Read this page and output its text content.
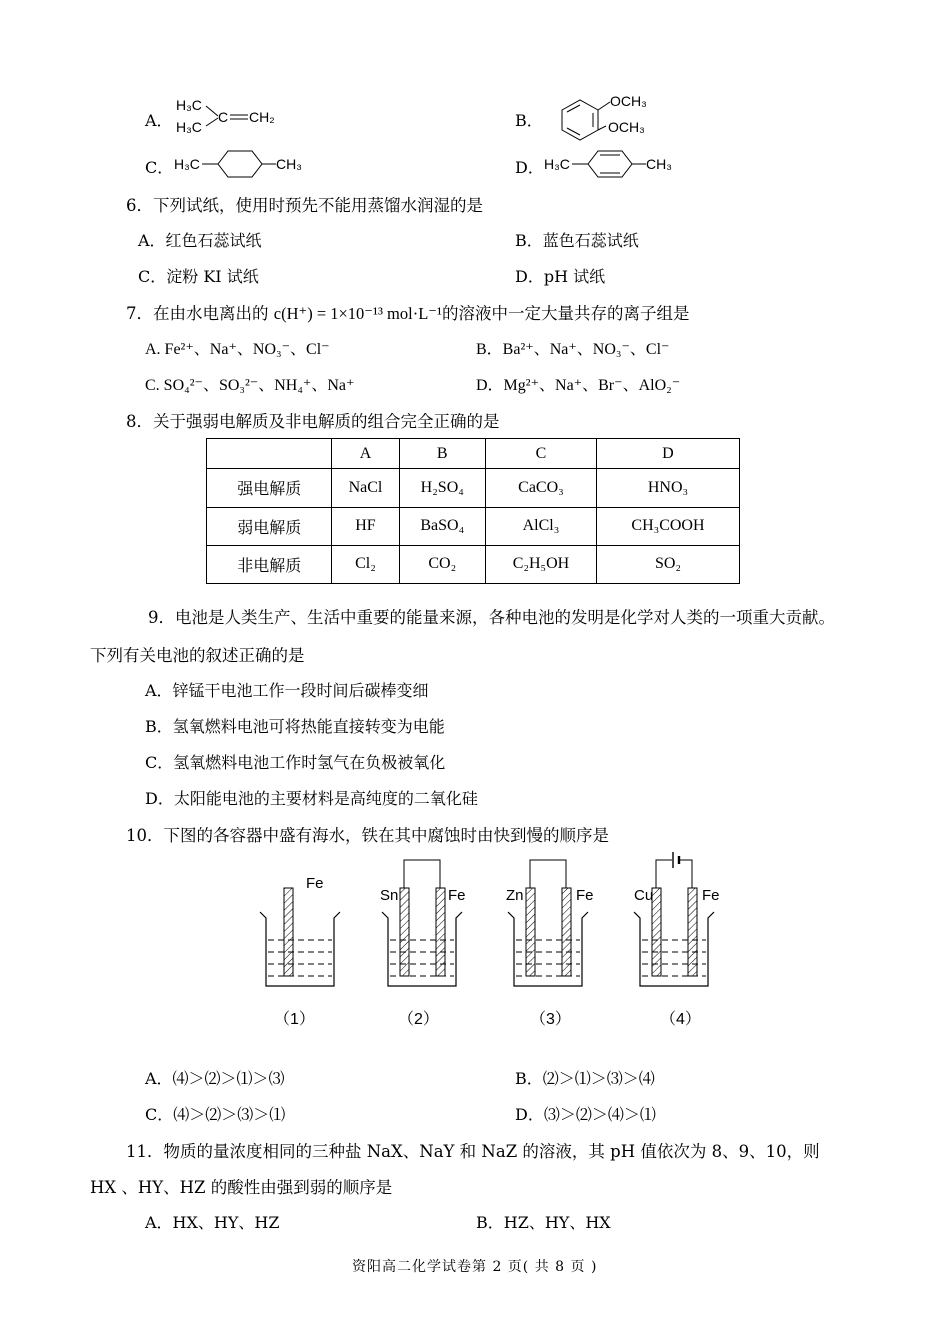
A．
H₃C
H₃C
C CH₂	B．
OCH₃
OCH₃
C． H₃C	CH₃	D． H₃C	CH₃
6．下列试纸，使用时预先不能用蒸馏水润湿的是
A．红色石蕊试纸	B．蓝色石蕊试纸
C．淀粉 KI 试纸	D．pH 试纸
7．在由水电离出的 c(H⁺) = 1×10⁻¹³ mol·L⁻¹的溶液中一定大量共存的离子组是
A. Fe²⁺、Na⁺、NO₃⁻、Cl⁻	B．Ba²⁺、Na⁺、NO₃⁻、Cl⁻
C. SO₄²⁻、SO₃²⁻、NH₄⁺、Na⁺	D．Mg²⁺、Na⁺、Br⁻、AlO₂⁻
8．关于强弱电解质及非电解质的组合完全正确的是
	A	B	C	D
强电解质	NaCl	H₂SO₄	CaCO₃	HNO₃
弱电解质	HF	BaSO₄	AlCl₃	CH₃COOH
非电解质	Cl₂	CO₂	C₂H₅OH	SO₂
9．电池是人类生产、生活中重要的能量来源，各种电池的发明是化学对人类的一项重大贡献。
下列有关电池的叙述正确的是
A．锌锰干电池工作一段时间后碳棒变细
B．氢氧燃料电池可将热能直接转变为电能
C．氢氧燃料电池工作时氢气在负极被氧化
D．太阳能电池的主要材料是高纯度的二氧化硅
10．下图的各容器中盛有海水，铁在其中腐蚀时由快到慢的顺序是
Fe
（1）
Sn	Fe
（2）
Zn	Fe
（3）
Cu	Fe
（4）
A．⑷＞⑵＞⑴＞⑶	B．⑵＞⑴＞⑶＞⑷
C．⑷＞⑵＞⑶＞⑴	D．⑶＞⑵＞⑷＞⑴
11．物质的量浓度相同的三种盐 NaX、NaY 和 NaZ 的溶液，其 pH 值依次为 8、9、10，则
HX 、HY、HZ 的酸性由强到弱的顺序是
A．HX、HY、HZ	B．HZ、HY、HX
资阳高二化学试卷第 2 页( 共 8 页 )
